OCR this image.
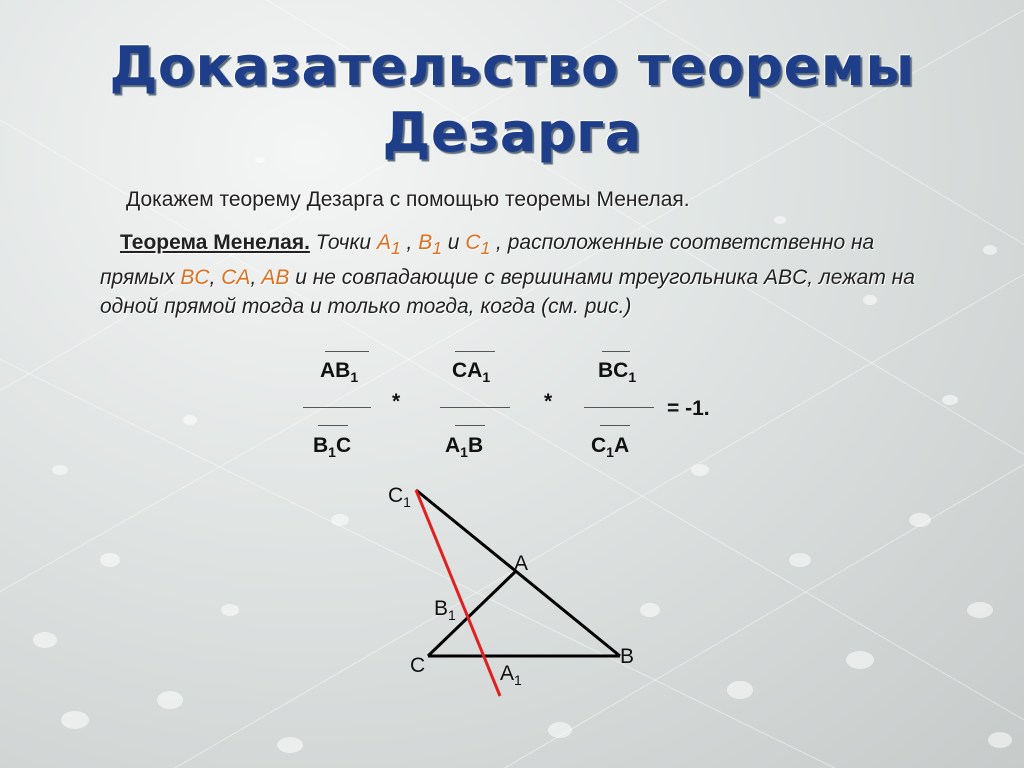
Доказательство теоремы
Дезарга
Докажем теорему Дезарга с помощью теоремы Менелая.
Теорема Менелая. Точки $A_1$ , $B_1$ и $C_1$ , расположенные соответственно на прямых BC, CA, AB и не совпадающие с вершинами треугольника ABC, лежат на одной прямой тогда и только тогда, когда (см. рис.)
$AB_1$	$CA_1$	$BC_1$
*	*	= -1.
$B_1C$	$A_1B$	$C_1A$
$C_1$
A
$B_1$
C	B
$A_1$
